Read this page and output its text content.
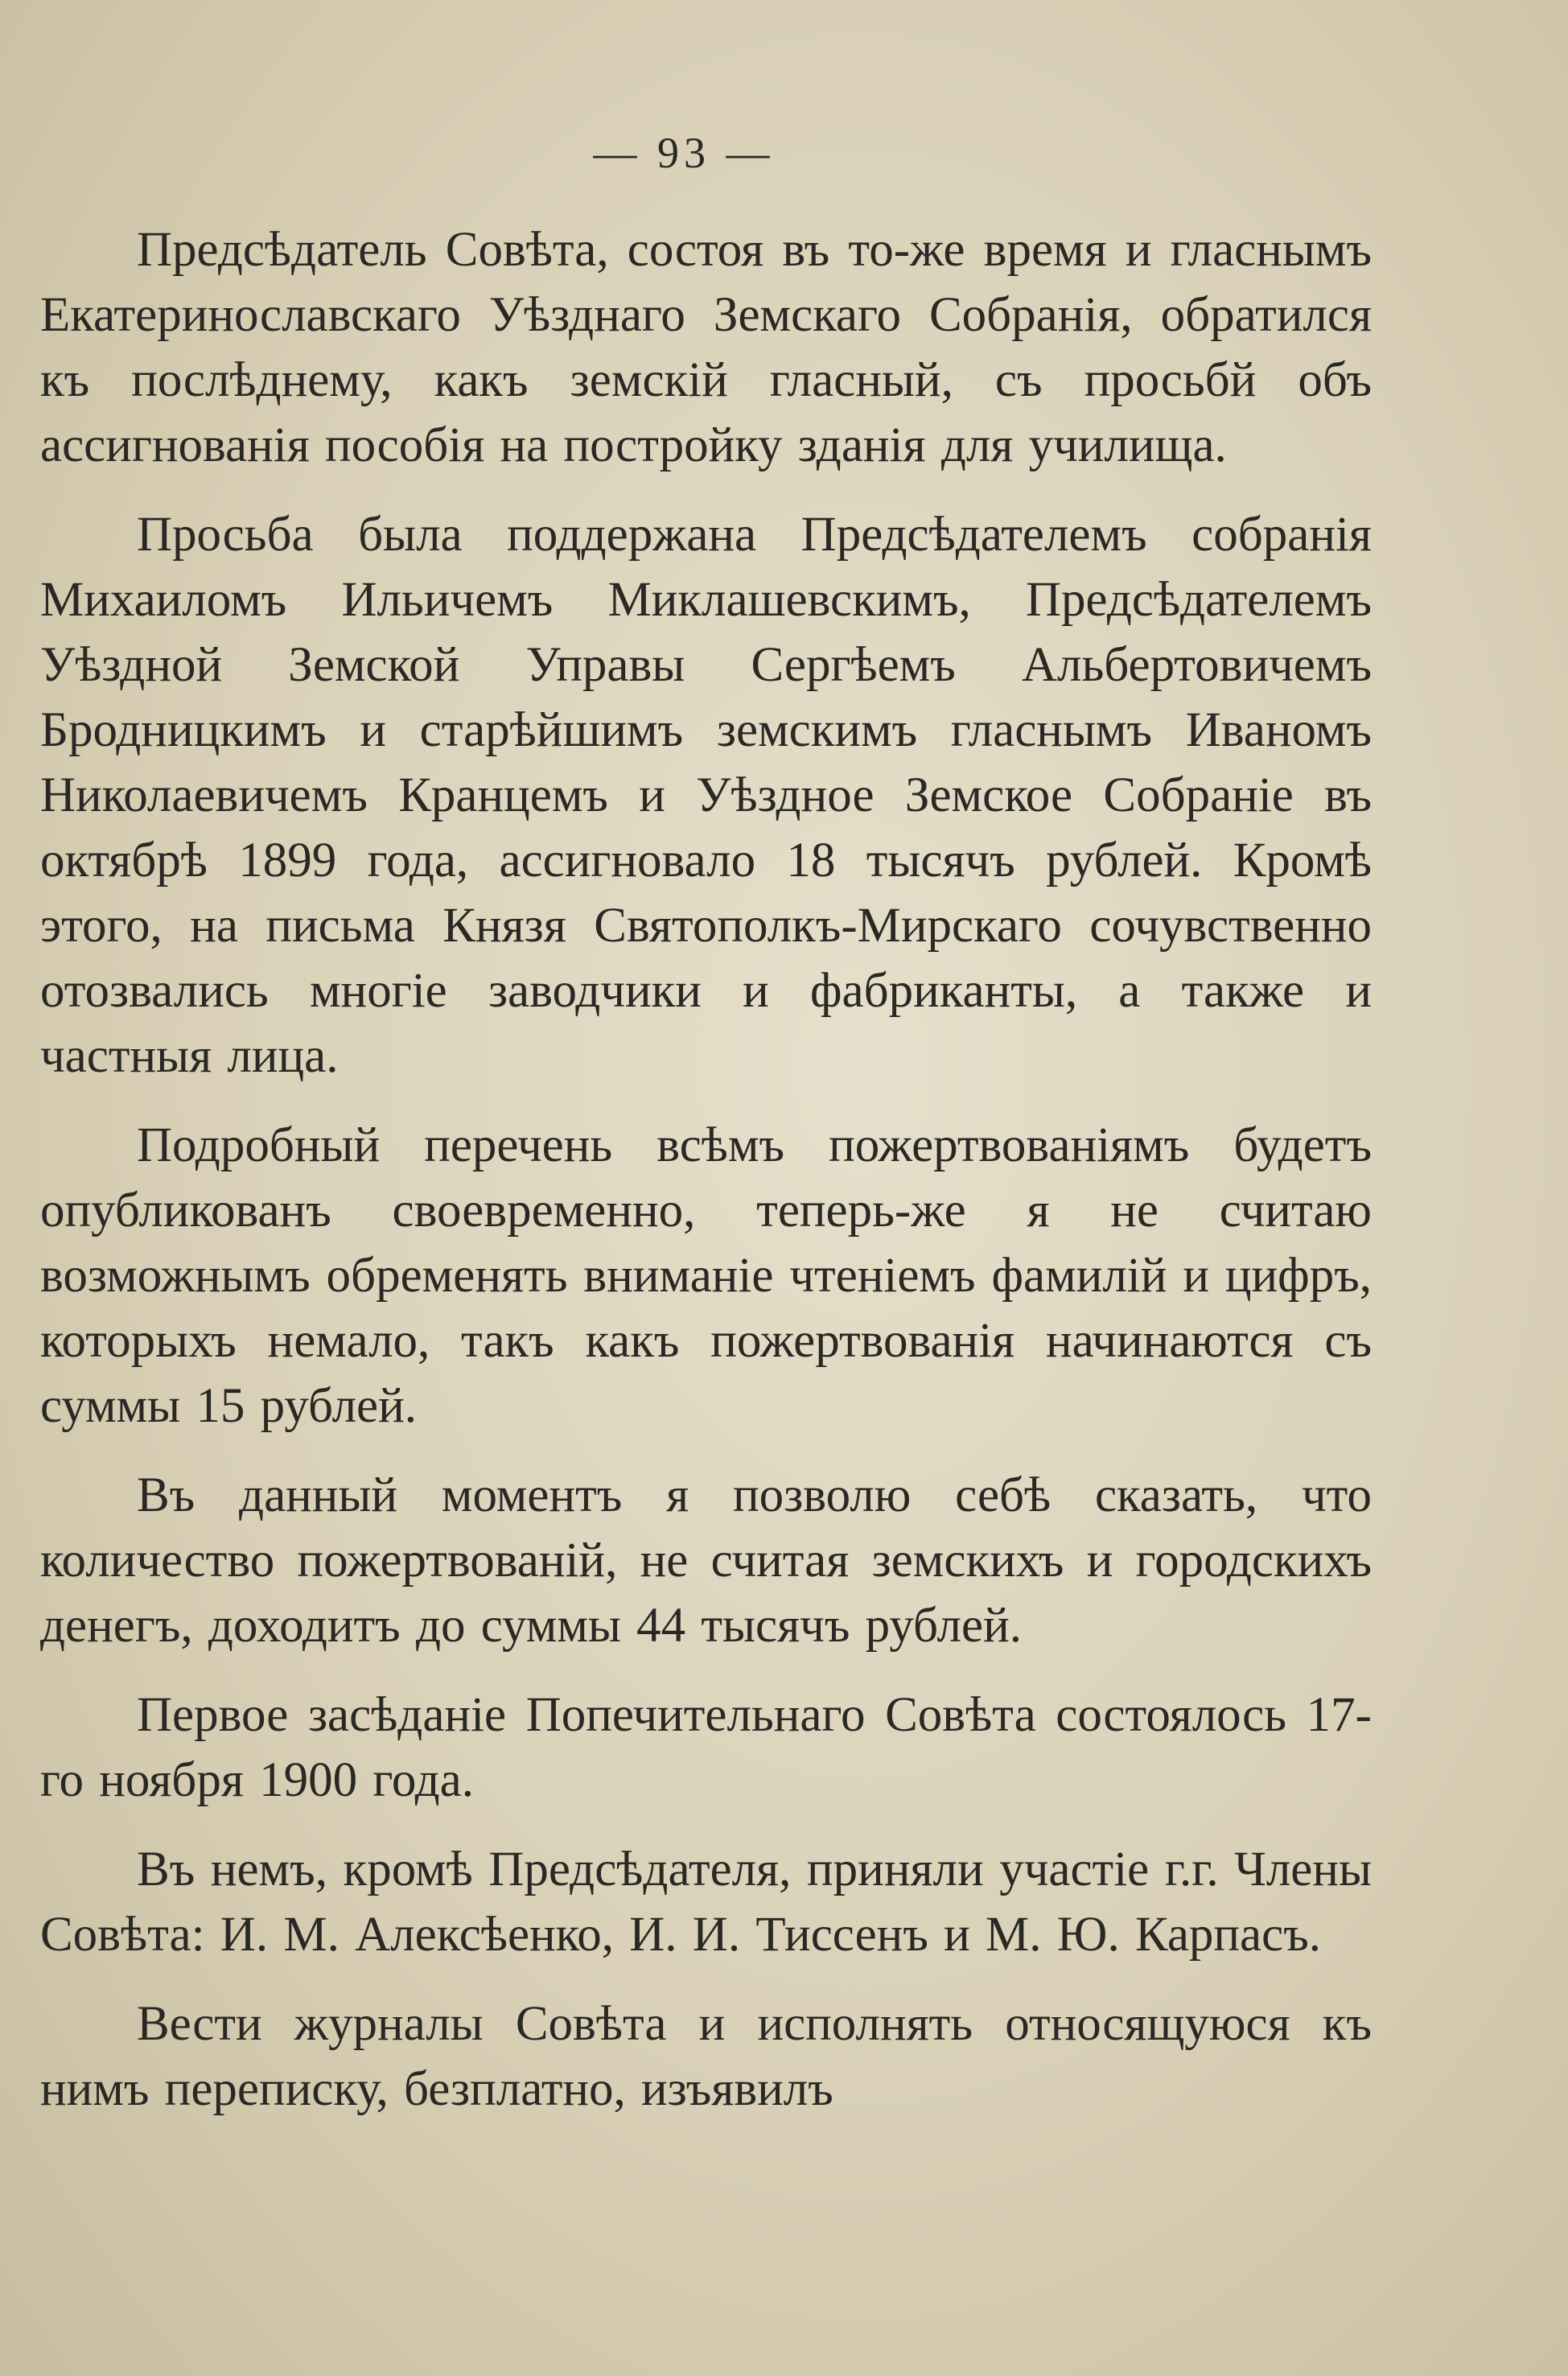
— 93 —

Предсѣдатель Совѣта, состоя въ то-же время и гласнымъ Екатеринославскаго Уѣзднаго Земскаго Собранія, обратился къ послѣднему, какъ земскій гласный, съ просьбй объ ассигнованія пособія на постройку зданія для училища.

Просьба была поддержана Предсѣдателемъ собранія Михаиломъ Ильичемъ Миклашевскимъ, Предсѣдателемъ Уѣздной Земской Управы Сергѣемъ Альбертовичемъ Бродницкимъ и старѣйшимъ земскимъ гласнымъ Иваномъ Николаевичемъ Кранцемъ и Уѣздное Земское Собраніе въ октябрѣ 1899 года, ассигновало 18 тысячъ рублей. Кромѣ этого, на письма Князя Святополкъ-Мирскаго сочувственно отозвались многіе заводчики и фабриканты, а также и частныя лица.

Подробный перечень всѣмъ пожертвованіямъ будетъ опубликованъ своевременно, теперь-же я не считаю возможнымъ обременять вниманіе чтеніемъ фамилій и цифръ, которыхъ немало, такъ какъ пожертвованія начинаются съ суммы 15 рублей.

Въ данный моментъ я позволю себѣ сказать, что количество пожертвованій, не считая земскихъ и городскихъ денегъ, доходитъ до суммы 44 тысячъ рублей.

Первое засѣданіе Попечительнаго Совѣта состоялось 17-го ноября 1900 года.

Въ немъ, кромѣ Предсѣдателя, приняли участіе г.г. Члены Совѣта: И. М. Алексѣенко, И. И. Тиссенъ и М. Ю. Карпасъ.

Вести журналы Совѣта и исполнять относящуюся къ нимъ переписку, безплатно, изъявилъ
